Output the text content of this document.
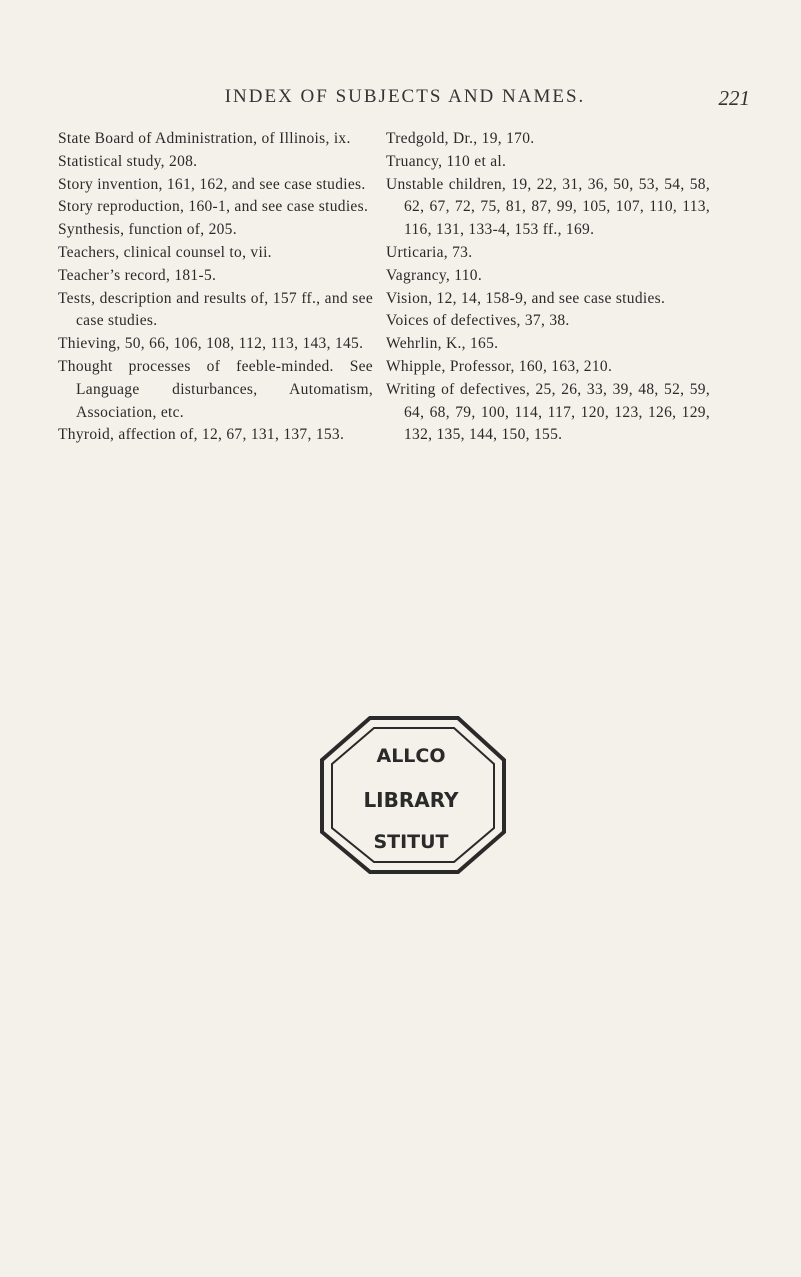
INDEX OF SUBJECTS AND NAMES.	221

State Board of Administration, of Illinois, ix.

Statistical study, 208.

Story invention, 161, 162, and see case studies.

Story reproduction, 160-1, and see case studies.

Synthesis, function of, 205.

Teachers, clinical counsel to, vii.

Teacher’s record, 181-5.

Tests, description and results of, 157 ff., and see case studies.

Thieving, 50, 66, 106, 108, 112, 113, 143, 145.

Thought processes of feeble-minded. See Language disturbances, Automatism, Association, etc.

Thyroid, affection of, 12, 67, 131, 137, 153.

Tredgold, Dr., 19, 170.

Truancy, 110 et al.

Unstable children, 19, 22, 31, 36, 50, 53, 54, 58, 62, 67, 72, 75, 81, 87, 99, 105, 107, 110, 113, 116, 131, 133-4, 153 ff., 169.

Urticaria, 73.

Vagrancy, 110.

Vision, 12, 14, 158-9, and see case studies.

Voices of defectives, 37, 38.

Wehrlin, K., 165.

Whipple, Professor, 160, 163, 210.

Writing of defectives, 25, 26, 33, 39, 48, 52, 59, 64, 68, 79, 100, 114, 117, 120, 123, 126, 129, 132, 135, 144, 150, 155.

ALLCO
LIBRARY
STITUT
